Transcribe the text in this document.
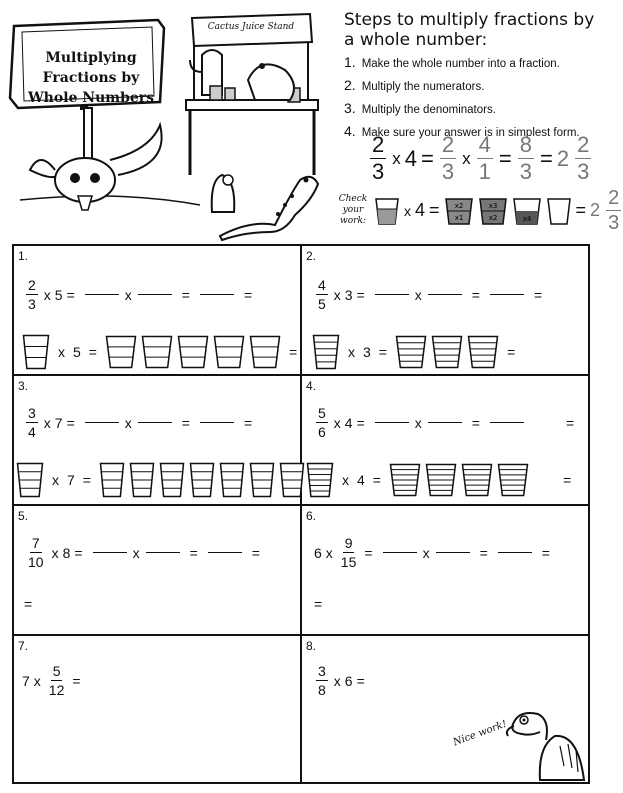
Multiplying
Fractions by
Whole Numbers
Cactus Juice Stand	Steps to multiply fractions by a whole number:
1. Make the whole number into a fraction.
2. Multiply the numerators.
3. Multiply the denominators.
4. Make sure your answer is in simplest form.
$\frac{2}{3}$ x $4 = \frac{2}{3}$ x $\frac{4}{1} = \frac{8}{3} = 2 \frac{2}{3}$
Check
your
work:
x 4 = x2
x1
x3
x2	$x4 = 2 \frac{2}{3}$
1.
$\frac{2}{3}$ x 5 =	x	=	=
x 5 =	=
2.
$\frac{4}{5}$ x 3 =	x	=	=
x 3 =	=
3.
$\frac{3}{4}$ x 7 =	x	=	=
x 7 =
4.
$\frac{5}{6}$ x 4 =	x	=	=
x 4 =	=
5.
$\frac{7}{10}$ x 8 =	x	=	=
=
6.
6 x $\frac{9}{15}$ =	x	=	=
=
7.
7 x $\frac{5}{12}$ =
8.
$\frac{3}{8}$ x 6 =
Nice work!
